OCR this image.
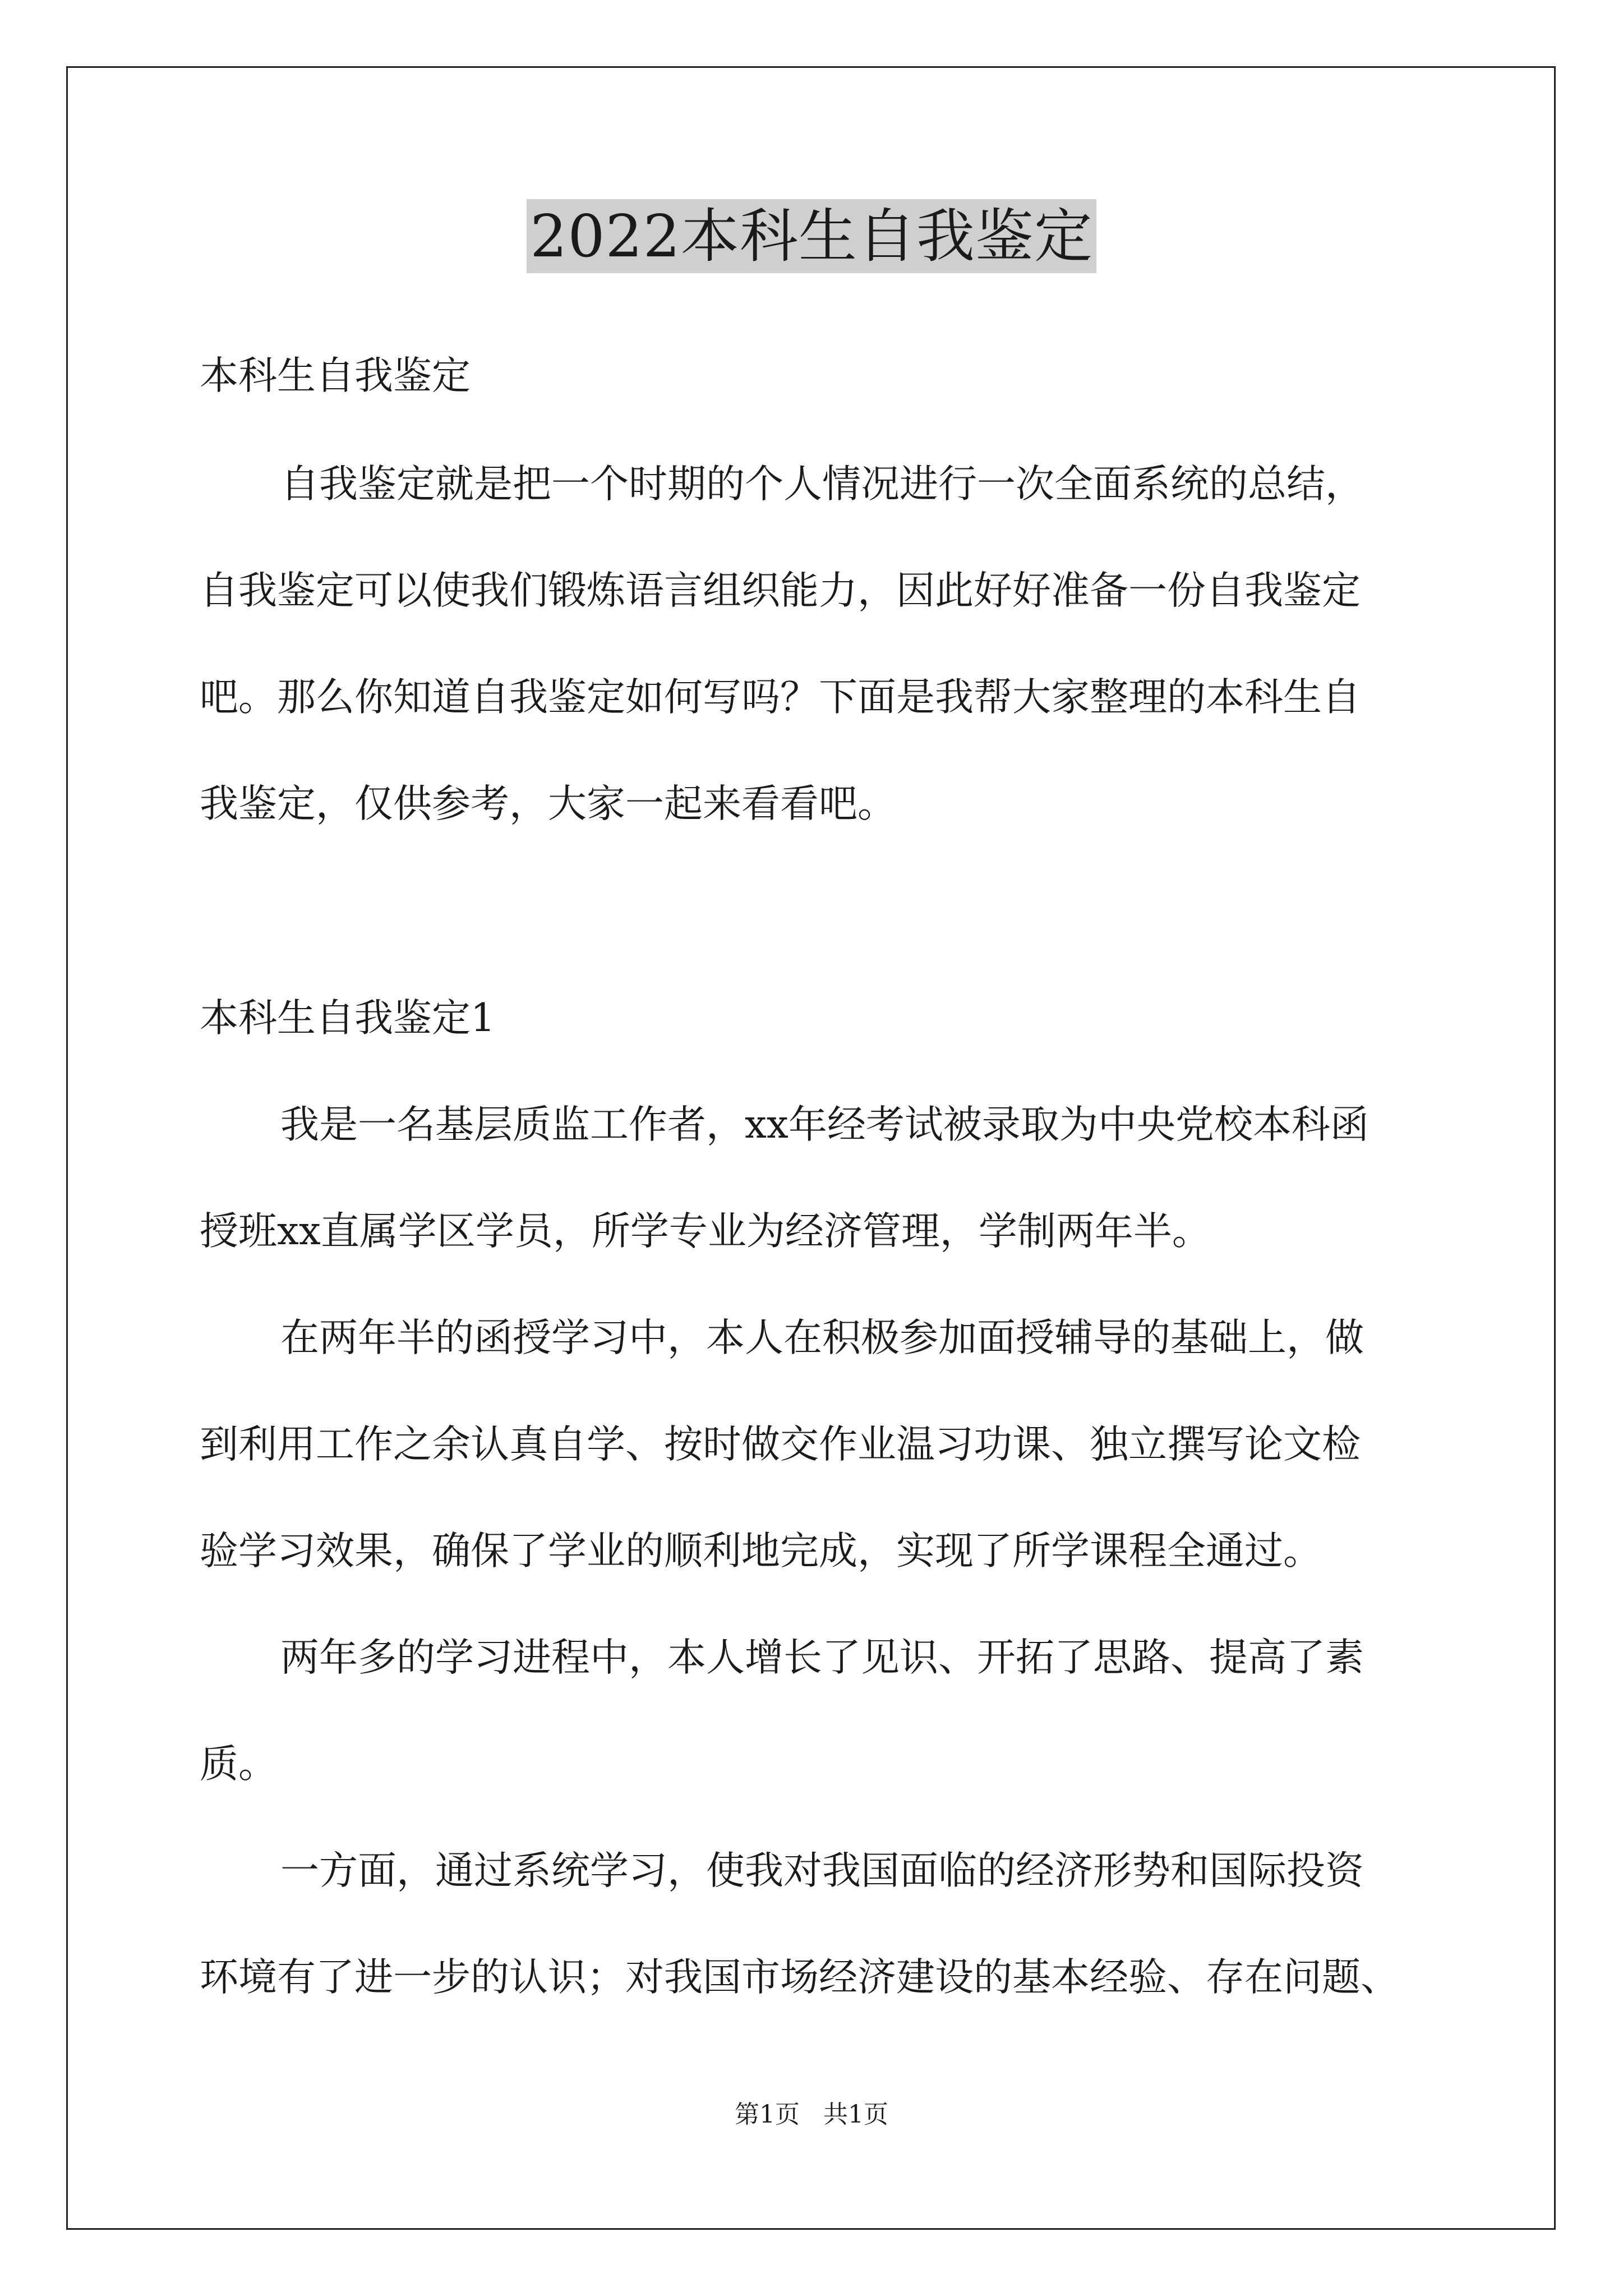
2022本科生自我鉴定
本科生自我鉴定
自我鉴定就是把一个时期的个人情况进行一次全面系统的总结，
自我鉴定可以使我们锻炼语言组织能力，因此好好准备一份自我鉴定
吧。那么你知道自我鉴定如何写吗？下面是我帮大家整理的本科生自
我鉴定，仅供参考，大家一起来看看吧。
本科生自我鉴定1
我是一名基层质监工作者，xx年经考试被录取为中央党校本科函
授班xx直属学区学员，所学专业为经济管理，学制两年半。
在两年半的函授学习中，本人在积极参加面授辅导的基础上，做
到利用工作之余认真自学、按时做交作业温习功课、独立撰写论文检
验学习效果，确保了学业的顺利地完成，实现了所学课程全通过。
两年多的学习进程中，本人增长了见识、开拓了思路、提高了素
质。
一方面，通过系统学习，使我对我国面临的经济形势和国际投资
环境有了进一步的认识；对我国市场经济建设的基本经验、存在问题、
第1页   共1页
